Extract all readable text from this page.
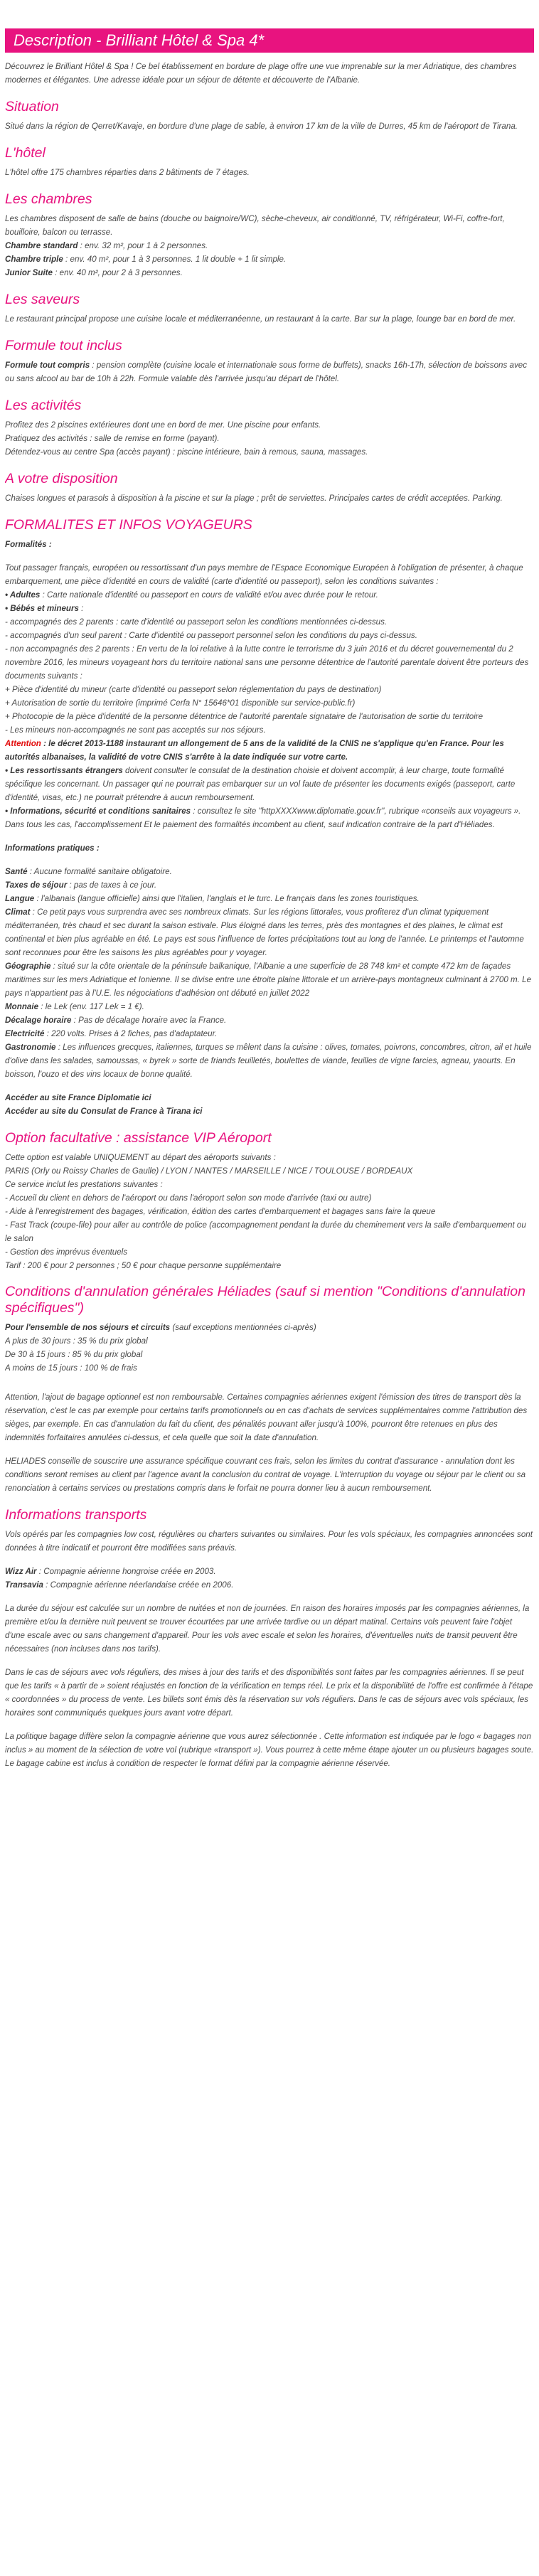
Description - Brilliant Hôtel & Spa 4*

Découvrez le Brilliant Hôtel & Spa ! Ce bel établissement en bordure de plage offre une vue imprenable sur la mer Adriatique, des chambres modernes et élégantes. Une adresse idéale pour un séjour de détente et découverte de l'Albanie.

Situation

Situé dans la région de Qerret/Kavaje, en bordure d'une plage de sable, à environ 17 km de la ville de Durres, 45 km de l'aéroport de Tirana.

L'hôtel

L'hôtel offre 175 chambres réparties dans 2 bâtiments de 7 étages.

Les chambres

Les chambres disposent de salle de bains (douche ou baignoire/WC), sèche-cheveux, air conditionné, TV, réfrigérateur, Wi-Fi, coffre-fort, bouilloire, balcon ou terrasse.

Chambre standard : env. 32 m², pour 1 à 2 personnes.

Chambre triple : env. 40 m², pour 1 à 3 personnes. 1 lit double + 1 lit simple.

Junior Suite : env. 40 m², pour 2 à 3 personnes.

Les saveurs

Le restaurant principal propose une cuisine locale et méditerranéenne, un restaurant à la carte. Bar sur la plage, lounge bar en bord de mer.

Formule tout inclus

Formule tout compris : pension complète (cuisine locale et internationale sous forme de buffets), snacks 16h-17h, sélection de boissons avec ou sans alcool au bar de 10h à 22h. Formule valable dès l'arrivée jusqu'au départ de l'hôtel.

Les activités

Profitez des 2 piscines extérieures dont une en bord de mer. Une piscine pour enfants.

Pratiquez des activités : salle de remise en forme (payant).

Détendez-vous au centre Spa (accès payant) : piscine intérieure, bain à remous, sauna, massages.

A votre disposition

Chaises longues et parasols à disposition à la piscine et sur la plage ; prêt de serviettes. Principales cartes de crédit acceptées. Parking.

FORMALITES ET INFOS VOYAGEURS

Formalités :

Tout passager français, européen ou ressortissant d'un pays membre de l'Espace Economique Européen à l'obligation de présenter, à chaque embarquement, une pièce d'identité en cours de validité (carte d'identité ou passeport), selon les conditions suivantes :

• Adultes : Carte nationale d'identité ou passeport en cours de validité et/ou avec durée pour le retour.

• Bébés et mineurs :

- accompagnés des 2 parents : carte d'identité ou passeport selon les conditions mentionnées ci-dessus.

- accompagnés d'un seul parent : Carte d'identité ou passeport personnel selon les conditions du pays ci-dessus.

- non accompagnés des 2 parents : En vertu de la loi relative à la lutte contre le terrorisme du 3 juin 2016 et du décret gouvernemental du 2 novembre 2016, les mineurs voyageant hors du territoire national sans une personne détentrice de l'autorité parentale doivent être porteurs des documents suivants :

+ Pièce d'identité du mineur (carte d'identité ou passeport selon réglementation du pays de destination)

+ Autorisation de sortie du territoire (imprimé Cerfa N° 15646*01 disponible sur service-public.fr)

+ Photocopie de la pièce d'identité de la personne détentrice de l'autorité parentale signataire de l'autorisation de sortie du territoire

- Les mineurs non-accompagnés ne sont pas acceptés sur nos séjours.

Attention : le décret 2013-1188 instaurant un allongement de 5 ans de la validité de la CNIS ne s'applique qu'en France. Pour les autorités albanaises, la validité de votre CNIS s'arrête à la date indiquée sur votre carte.

• Les ressortissants étrangers doivent consulter le consulat de la destination choisie et doivent accomplir, à leur charge, toute formalité spécifique les concernant. Un passager qui ne pourrait pas embarquer sur un vol faute de présenter les documents exigés (passeport, carte d'identité, visas, etc.) ne pourrait prétendre à aucun remboursement.

• Informations, sécurité et conditions sanitaires : consultez le site "httpXXXXwww.diplomatie.gouv.fr", rubrique «conseils aux voyageurs ». Dans tous les cas, l'accomplissement Et le paiement des formalités incombent au client, sauf indication contraire de la part d'Héliades.

Informations pratiques :

Santé : Aucune formalité sanitaire obligatoire.

Taxes de séjour : pas de taxes à ce jour.

Langue : l'albanais (langue officielle) ainsi que l'italien, l'anglais et le turc. Le français dans les zones touristiques.

Climat : Ce petit pays vous surprendra avec ses nombreux climats. Sur les régions littorales, vous profiterez d'un climat typiquement méditerranéen, très chaud et sec durant la saison estivale. Plus éloigné dans les terres, près des montagnes et des plaines, le climat est continental et bien plus agréable en été. Le pays est sous l'influence de fortes précipitations tout au long de l'année. Le printemps et l'automne sont reconnues pour être les saisons les plus agréables pour y voyager.

Géographie : situé sur la côte orientale de la péninsule balkanique, l'Albanie a une superficie de 28 748 km² et compte 472 km de façades maritimes sur les mers Adriatique et Ionienne. Il se divise entre une étroite plaine littorale et un arrière-pays montagneux culminant à 2700 m. Le pays n'appartient pas à l'U.E. les négociations d'adhésion ont débuté en juillet 2022

Monnaie : le Lek (env. 117 Lek = 1 €).

Décalage horaire : Pas de décalage horaire avec la France.

Electricité : 220 volts. Prises à 2 fiches, pas d'adaptateur.

Gastronomie : Les influences grecques, italiennes, turques se mêlent dans la cuisine : olives, tomates, poivrons, concombres, citron, ail et huile d'olive dans les salades, samoussas, « byrek » sorte de friands feuilletés, boulettes de viande, feuilles de vigne farcies, agneau, yaourts. En boisson, l'ouzo et des vins locaux de bonne qualité.

Accéder au site France Diplomatie ici

Accéder au site du Consulat de France à Tirana ici

Option facultative : assistance VIP Aéroport

Cette option est valable UNIQUEMENT au départ des aéroports suivants :

PARIS (Orly ou Roissy Charles de Gaulle) / LYON / NANTES / MARSEILLE / NICE / TOULOUSE / BORDEAUX

Ce service inclut les prestations suivantes :

- Accueil du client en dehors de l'aéroport ou dans l'aéroport selon son mode d'arrivée (taxi ou autre)

- Aide à l'enregistrement des bagages, vérification, édition des cartes d'embarquement et bagages sans faire la queue

- Fast Track (coupe-file) pour aller au contrôle de police (accompagnement pendant la durée du cheminement vers la salle d'embarquement ou le salon

- Gestion des imprévus éventuels

Tarif : 200 € pour 2 personnes ; 50 € pour chaque personne supplémentaire

Conditions d'annulation générales Héliades (sauf si mention "Conditions d'annulation spécifiques")

Pour l'ensemble de nos séjours et circuits (sauf exceptions mentionnées ci-après)

A plus de 30 jours : 35 % du prix global

De 30 à 15 jours : 85 % du prix global

A moins de 15 jours : 100 % de frais

Attention, l'ajout de bagage optionnel est non remboursable. Certaines compagnies aériennes exigent l'émission des titres de transport dès la réservation, c'est le cas par exemple pour certains tarifs promotionnels ou en cas d'achats de services supplémentaires comme l'attribution des sièges, par exemple. En cas d'annulation du fait du client, des pénalités pouvant aller jusqu'à 100%, pourront être retenues en plus des indemnités forfaitaires annulées ci-dessus, et cela quelle que soit la date d'annulation.

HELIADES conseille de souscrire une assurance spécifique couvrant ces frais, selon les limites du contrat d'assurance - annulation dont les conditions seront remises au client par l'agence avant la conclusion du contrat de voyage. L'interruption du voyage ou séjour par le client ou sa renonciation à certains services ou prestations compris dans le forfait ne pourra donner lieu à aucun remboursement.

Informations transports

Vols opérés par les compagnies low cost, régulières ou charters suivantes ou similaires. Pour les vols spéciaux, les compagnies annoncées sont données à titre indicatif et pourront être modifiées sans préavis.

Wizz Air : Compagnie aérienne hongroise créée en 2003.

Transavia : Compagnie aérienne néerlandaise créée en 2006.

La durée du séjour est calculée sur un nombre de nuitées et non de journées. En raison des horaires imposés par les compagnies aériennes, la première et/ou la dernière nuit peuvent se trouver écourtées par une arrivée tardive ou un départ matinal. Certains vols peuvent faire l'objet d'une escale avec ou sans changement d'appareil. Pour les vols avec escale et selon les horaires, d'éventuelles nuits de transit peuvent être nécessaires (non incluses dans nos tarifs).

Dans le cas de séjours avec vols réguliers, des mises à jour des tarifs et des disponibilités sont faites par les compagnies aériennes. Il se peut que les tarifs « à partir de » soient réajustés en fonction de la vérification en temps réel. Le prix et la disponibilité de l'offre est confirmée à l'étape « coordonnées » du process de vente. Les billets sont émis dès la réservation sur vols réguliers. Dans le cas de séjours avec vols spéciaux, les horaires sont communiqués quelques jours avant votre départ.

La politique bagage diffère selon la compagnie aérienne que vous aurez sélectionnée . Cette information est indiquée par le logo « bagages non inclus » au moment de la sélection de votre vol (rubrique «transport »). Vous pourrez à cette même étape ajouter un ou plusieurs bagages soute. Le bagage cabine est inclus à condition de respecter le format défini par la compagnie aérienne réservée.
